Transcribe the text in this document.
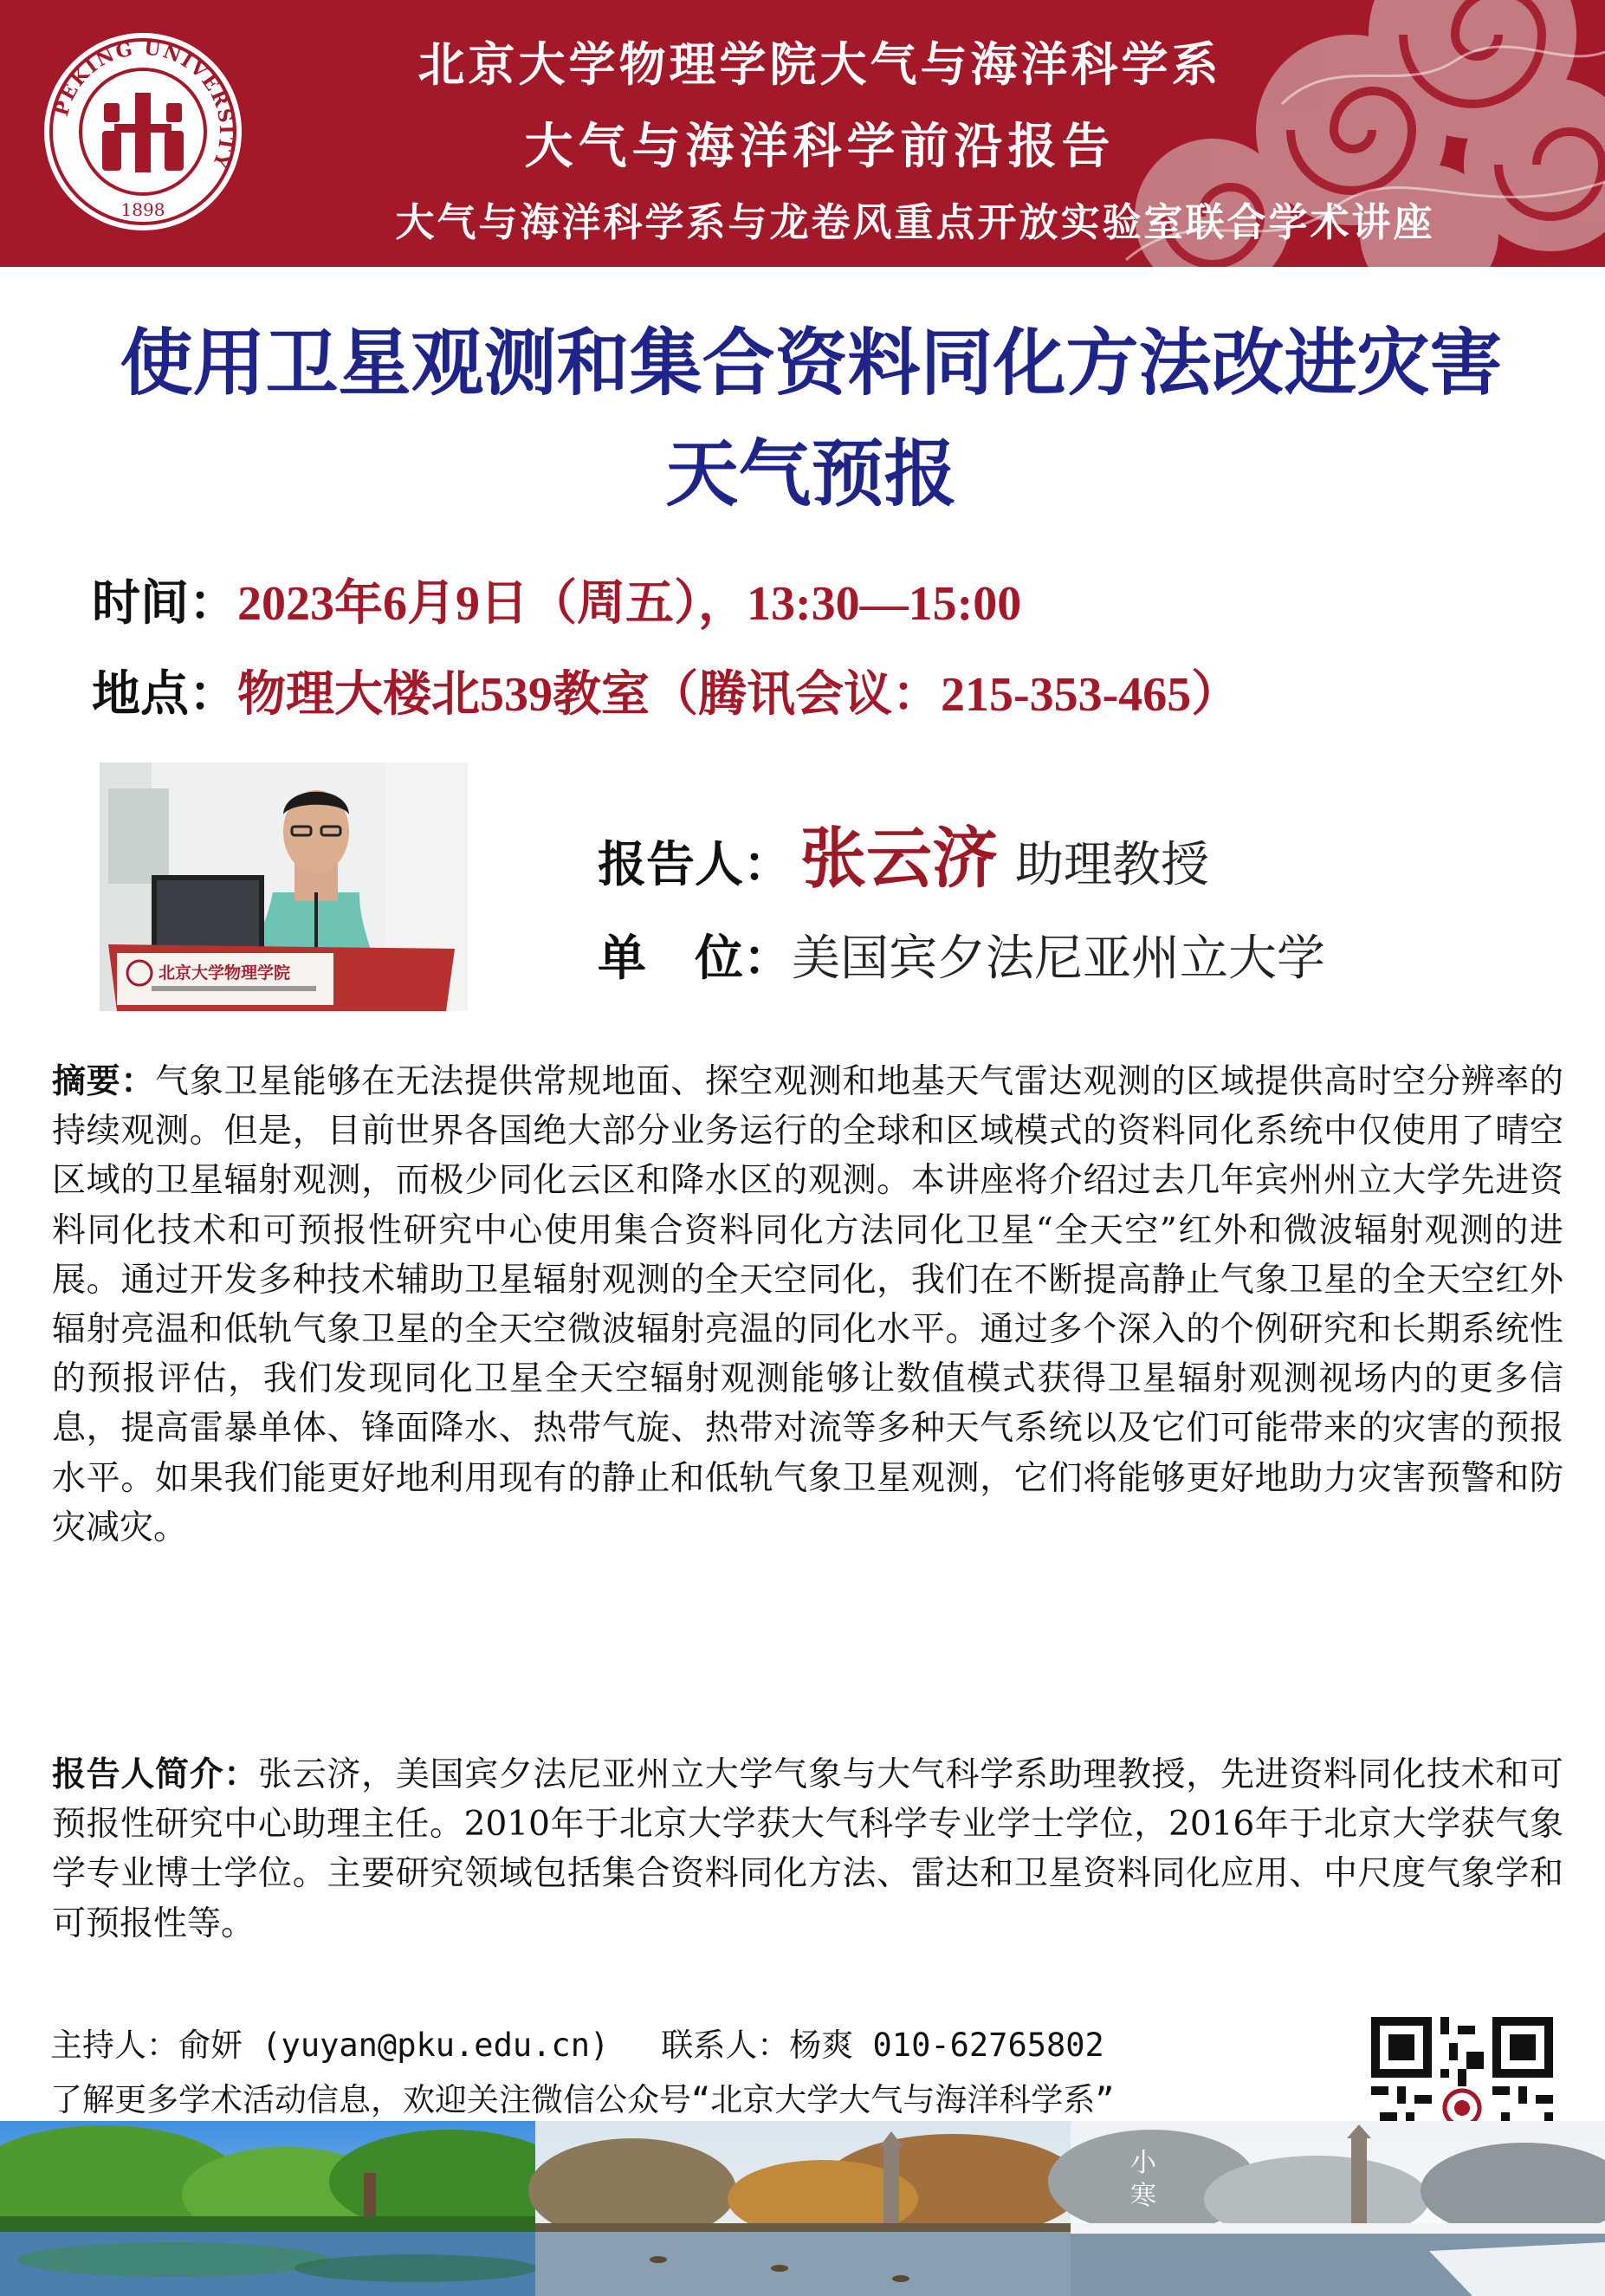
PEKING UNIVERSITY
1898
北京大学物理学院大气与海洋科学系
大气与海洋科学前沿报告
大气与海洋科学系与龙卷风重点开放实验室联合学术讲座
使用卫星观测和集合资料同化方法改进灾害
天气预报
时间：2023年6月9日（周五），13:30—15:00
地点：物理大楼北539教室（腾讯会议：215-353-465）
北京大学物理学院
报告人： 张云济 助理教授
单　位：美国宾夕法尼亚州立大学
摘要：气象卫星能够在无法提供常规地面、探空观测和地基天气雷达观测的区域提供高时空分辨率的持续观测。但是，目前世界各国绝大部分业务运行的全球和区域模式的资料同化系统中仅使用了晴空区域的卫星辐射观测，而极少同化云区和降水区的观测。本讲座将介绍过去几年宾州州立大学先进资料同化技术和可预报性研究中心使用集合资料同化方法同化卫星“全天空”红外和微波辐射观测的进展。通过开发多种技术辅助卫星辐射观测的全天空同化，我们在不断提高静止气象卫星的全天空红外辐射亮温和低轨气象卫星的全天空微波辐射亮温的同化水平。通过多个深入的个例研究和长期系统性的预报评估，我们发现同化卫星全天空辐射观测能够让数值模式获得卫星辐射观测视场内的更多信息，提高雷暴单体、锋面降水、热带气旋、热带对流等多种天气系统以及它们可能带来的灾害的预报水平。如果我们能更好地利用现有的静止和低轨气象卫星观测，它们将能够更好地助力灾害预警和防灾减灾。
报告人简介：张云济，美国宾夕法尼亚州立大学气象与大气科学系助理教授，先进资料同化技术和可预报性研究中心助理主任。2010年于北京大学获大气科学专业学士学位，2016年于北京大学获气象学专业博士学位。主要研究领域包括集合资料同化方法、雷达和卫星资料同化应用、中尺度气象学和可预报性等。
主持人：俞妍 (yuyan@pku.edu.cn) 联系人：杨爽 010-62765802
了解更多学术活动信息，欢迎关注微信公众号“北京大学大气与海洋科学系”
小寒
